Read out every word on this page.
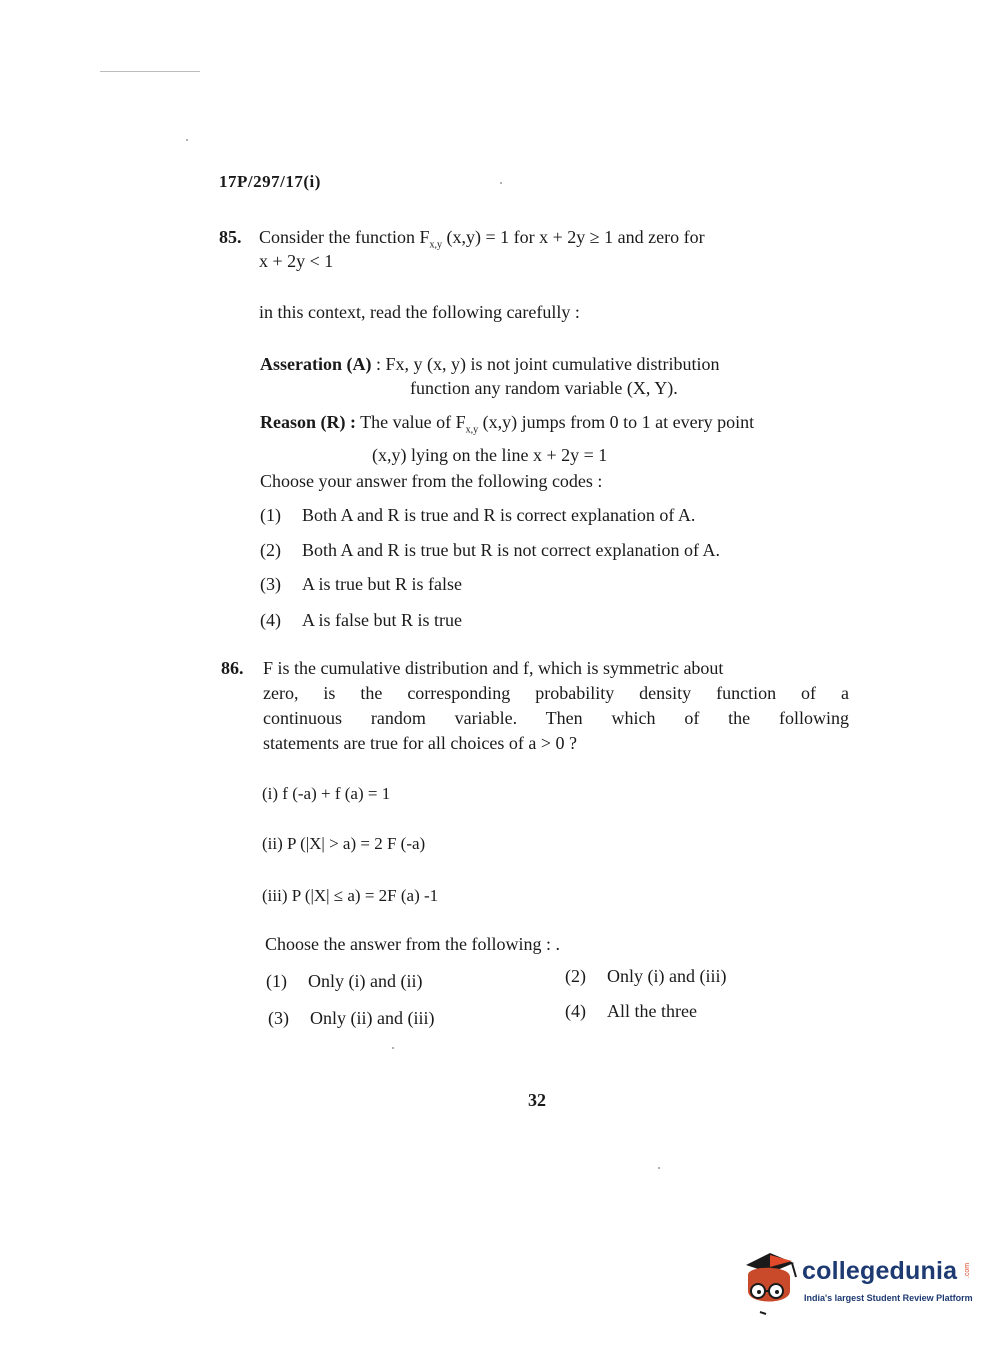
17P/297/17(i)
85. Consider the function $F_{x,y}$ (x,y) = 1 for x + 2y ≥ 1 and zero for
x + 2y < 1
in this context, read the following carefully :
Asseration (A) : Fx, y (x, y) is not joint cumulative distribution
function any random variable (X, Y).
Reason (R) : The value of $F_{x,y}$ (x,y) jumps from 0 to 1 at every point
(x,y) lying on the line x + 2y = 1
Choose your answer from the following codes :
(1)	Both A and R is true and R is correct explanation of A.
(2)	Both A and R is true but R is not correct explanation of A.
(3)	A is true but R is false
(4)	A is false but R is true
86.	F is the cumulative distribution and f, which is symmetric about
zero, is the corresponding probability density function of a
continuous random variable. Then which of the following
statements are true for all choices of a > 0 ?
(i) f (-a) + f (a) = 1
(ii) P (|X| > a) = 2 F (-a)
(iii) P (|X| ≤ a) = 2F (a) -1
Choose the answer from the following : .
(1)	Only (i) and (ii)	(2)	Only (i) and (iii)
(3)	Only (ii) and (iii)	(4)	All the three
32
collegedunia .com
India's largest Student Review Platform
